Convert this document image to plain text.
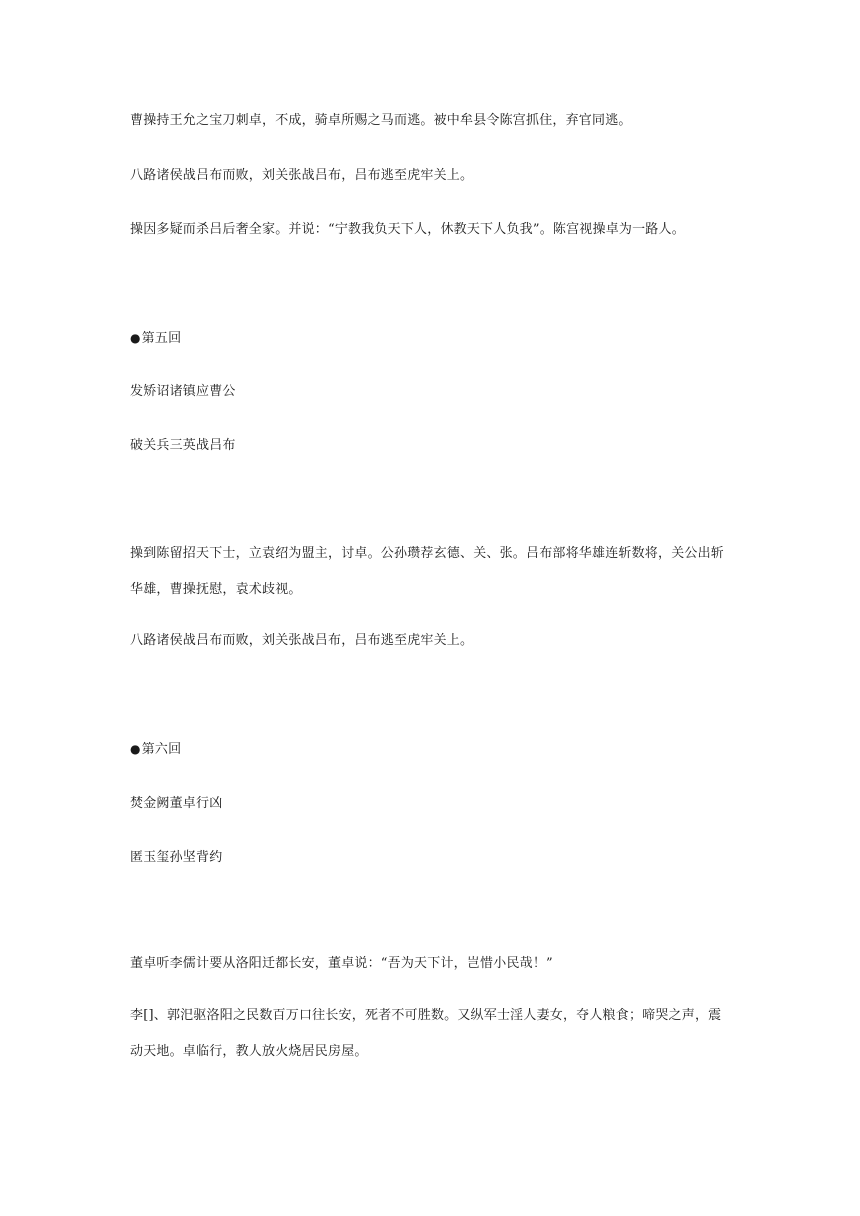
曹操持王允之宝刀刺卓，不成，骑卓所赐之马而逃。被中牟县令陈宫抓住，弃官同逃。
八路诸侯战吕布而败，刘关张战吕布，吕布逃至虎牢关上。
操因多疑而杀吕后奢全家。并说：“宁教我负天下人，休教天下人负我”。陈宫视操卓为一路人。
●第五回
发矫诏诸镇应曹公
破关兵三英战吕布
操到陈留招天下士，立袁绍为盟主，讨卓。公孙瓒荐玄德、关、张。吕布部将华雄连斩数将，关公出斩华雄，曹操抚慰，袁术歧视。
八路诸侯战吕布而败，刘关张战吕布，吕布逃至虎牢关上。
●第六回
焚金阙董卓行凶
匿玉玺孙坚背约
董卓听李儒计要从洛阳迁都长安，董卓说：“吾为天下计，岂惜小民哉！”
李[]、郭汜驱洛阳之民数百万口往长安，死者不可胜数。又纵军士淫人妻女，夺人粮食；啼哭之声，震动天地。卓临行，教人放火烧居民房屋。
